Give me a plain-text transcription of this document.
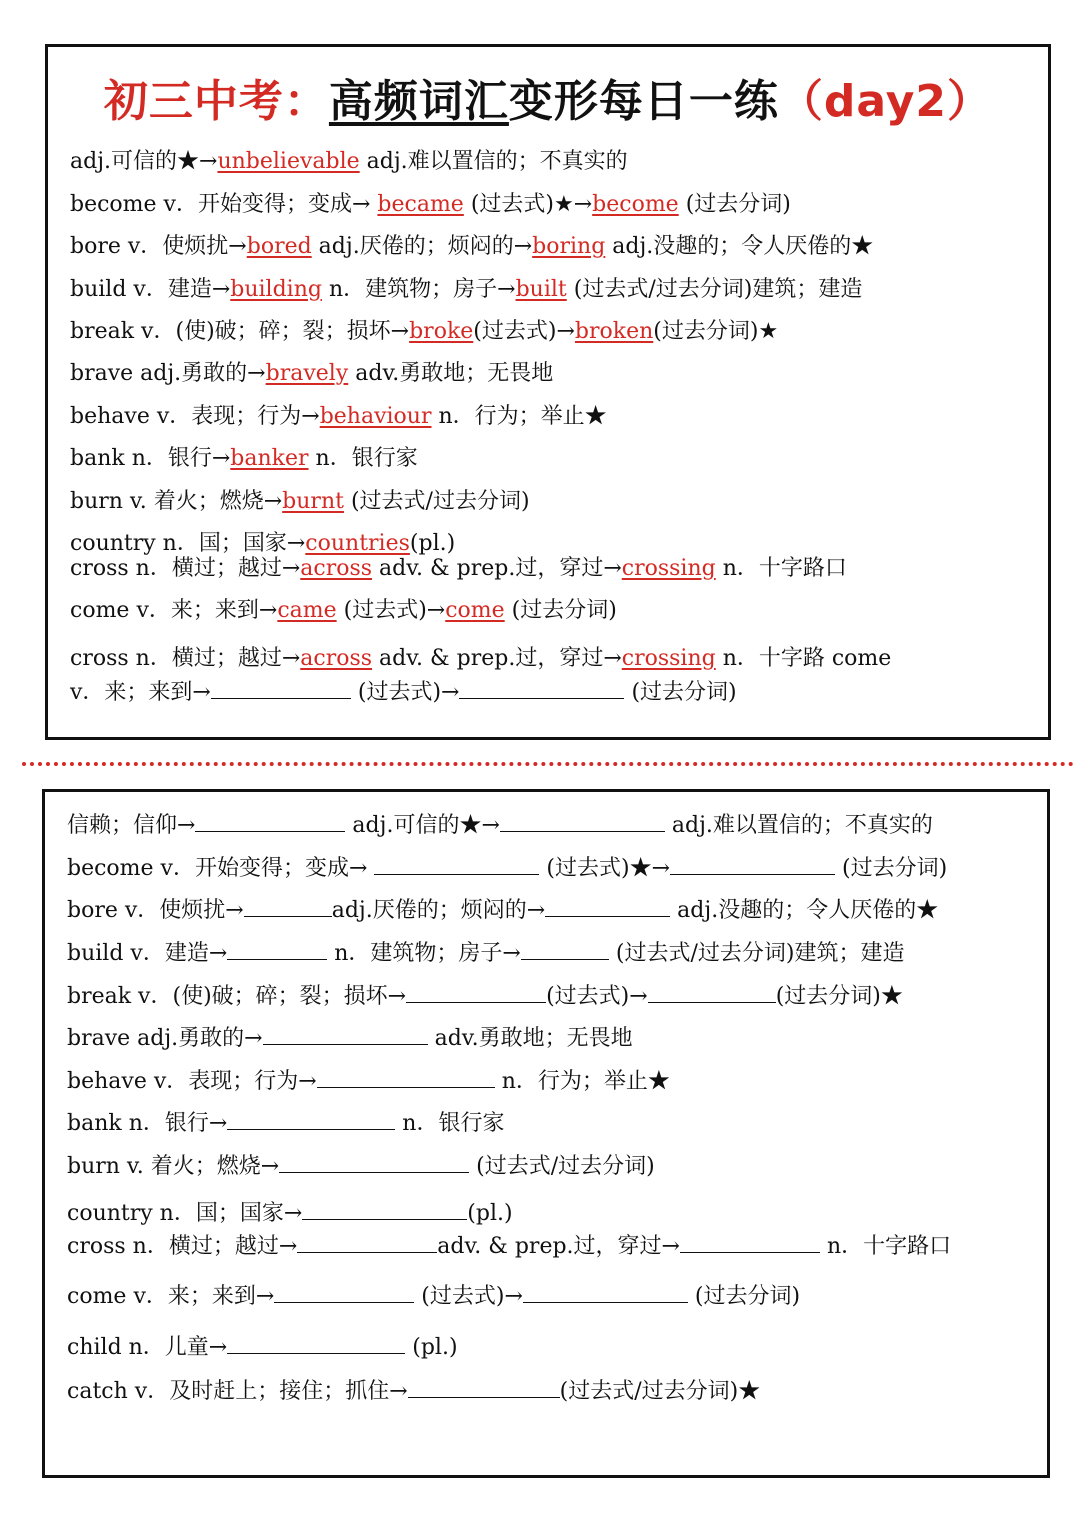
初三中考：高频词汇变形每日一练（day2）
adj.可信的★→unbelievable adj.难以置信的；不真实的
become v．开始变得；变成→ became (过去式)★→become (过去分词)
bore v．使烦扰→bored adj.厌倦的；烦闷的→boring adj.没趣的；令人厌倦的★
build v．建造→building n．建筑物；房子→built (过去式/过去分词)建筑；建造
break v．(使)破；碎；裂；损坏→broke(过去式)→broken(过去分词)★
brave adj.勇敢的→bravely adv.勇敢地；无畏地
behave v．表现；行为→behaviour n．行为；举止★
bank n．银行→banker n．银行家
burn v. 着火；燃烧→burnt (过去式/过去分词)
country n．国；国家→countries(pl.)
cross n．横过；越过→across adv. & prep.过，穿过→crossing n．十字路口
come v．来；来到→came (过去式)→come (过去分词)
cross n．横过；越过→across adv. & prep.过，穿过→crossing n．十字路 come
v．来；来到→	(过去式)→	(过去分词)
信赖；信仰→	adj.可信的★→	adj.难以置信的；不真实的
become v．开始变得；变成→	(过去式)★→	(过去分词)
bore v．使烦扰→	adj.厌倦的；烦闷的→	adj.没趣的；令人厌倦的★
build v．建造→	n．建筑物；房子→	(过去式/过去分词)建筑；建造
break v．(使)破；碎；裂；损坏→	(过去式)→	(过去分词)★
brave adj.勇敢的→	adv.勇敢地；无畏地
behave v．表现；行为→	n．行为；举止★
bank n．银行→	n．银行家
burn v. 着火；燃烧→	(过去式/过去分词)
country n．国；国家→	(pl.)
cross n．横过；越过→	adv. & prep.过，穿过→	n．十字路口
come v．来；来到→	(过去式)→	(过去分词)
child n．儿童→	(pl.)
catch v．及时赶上；接住；抓住→	(过去式/过去分词)★
